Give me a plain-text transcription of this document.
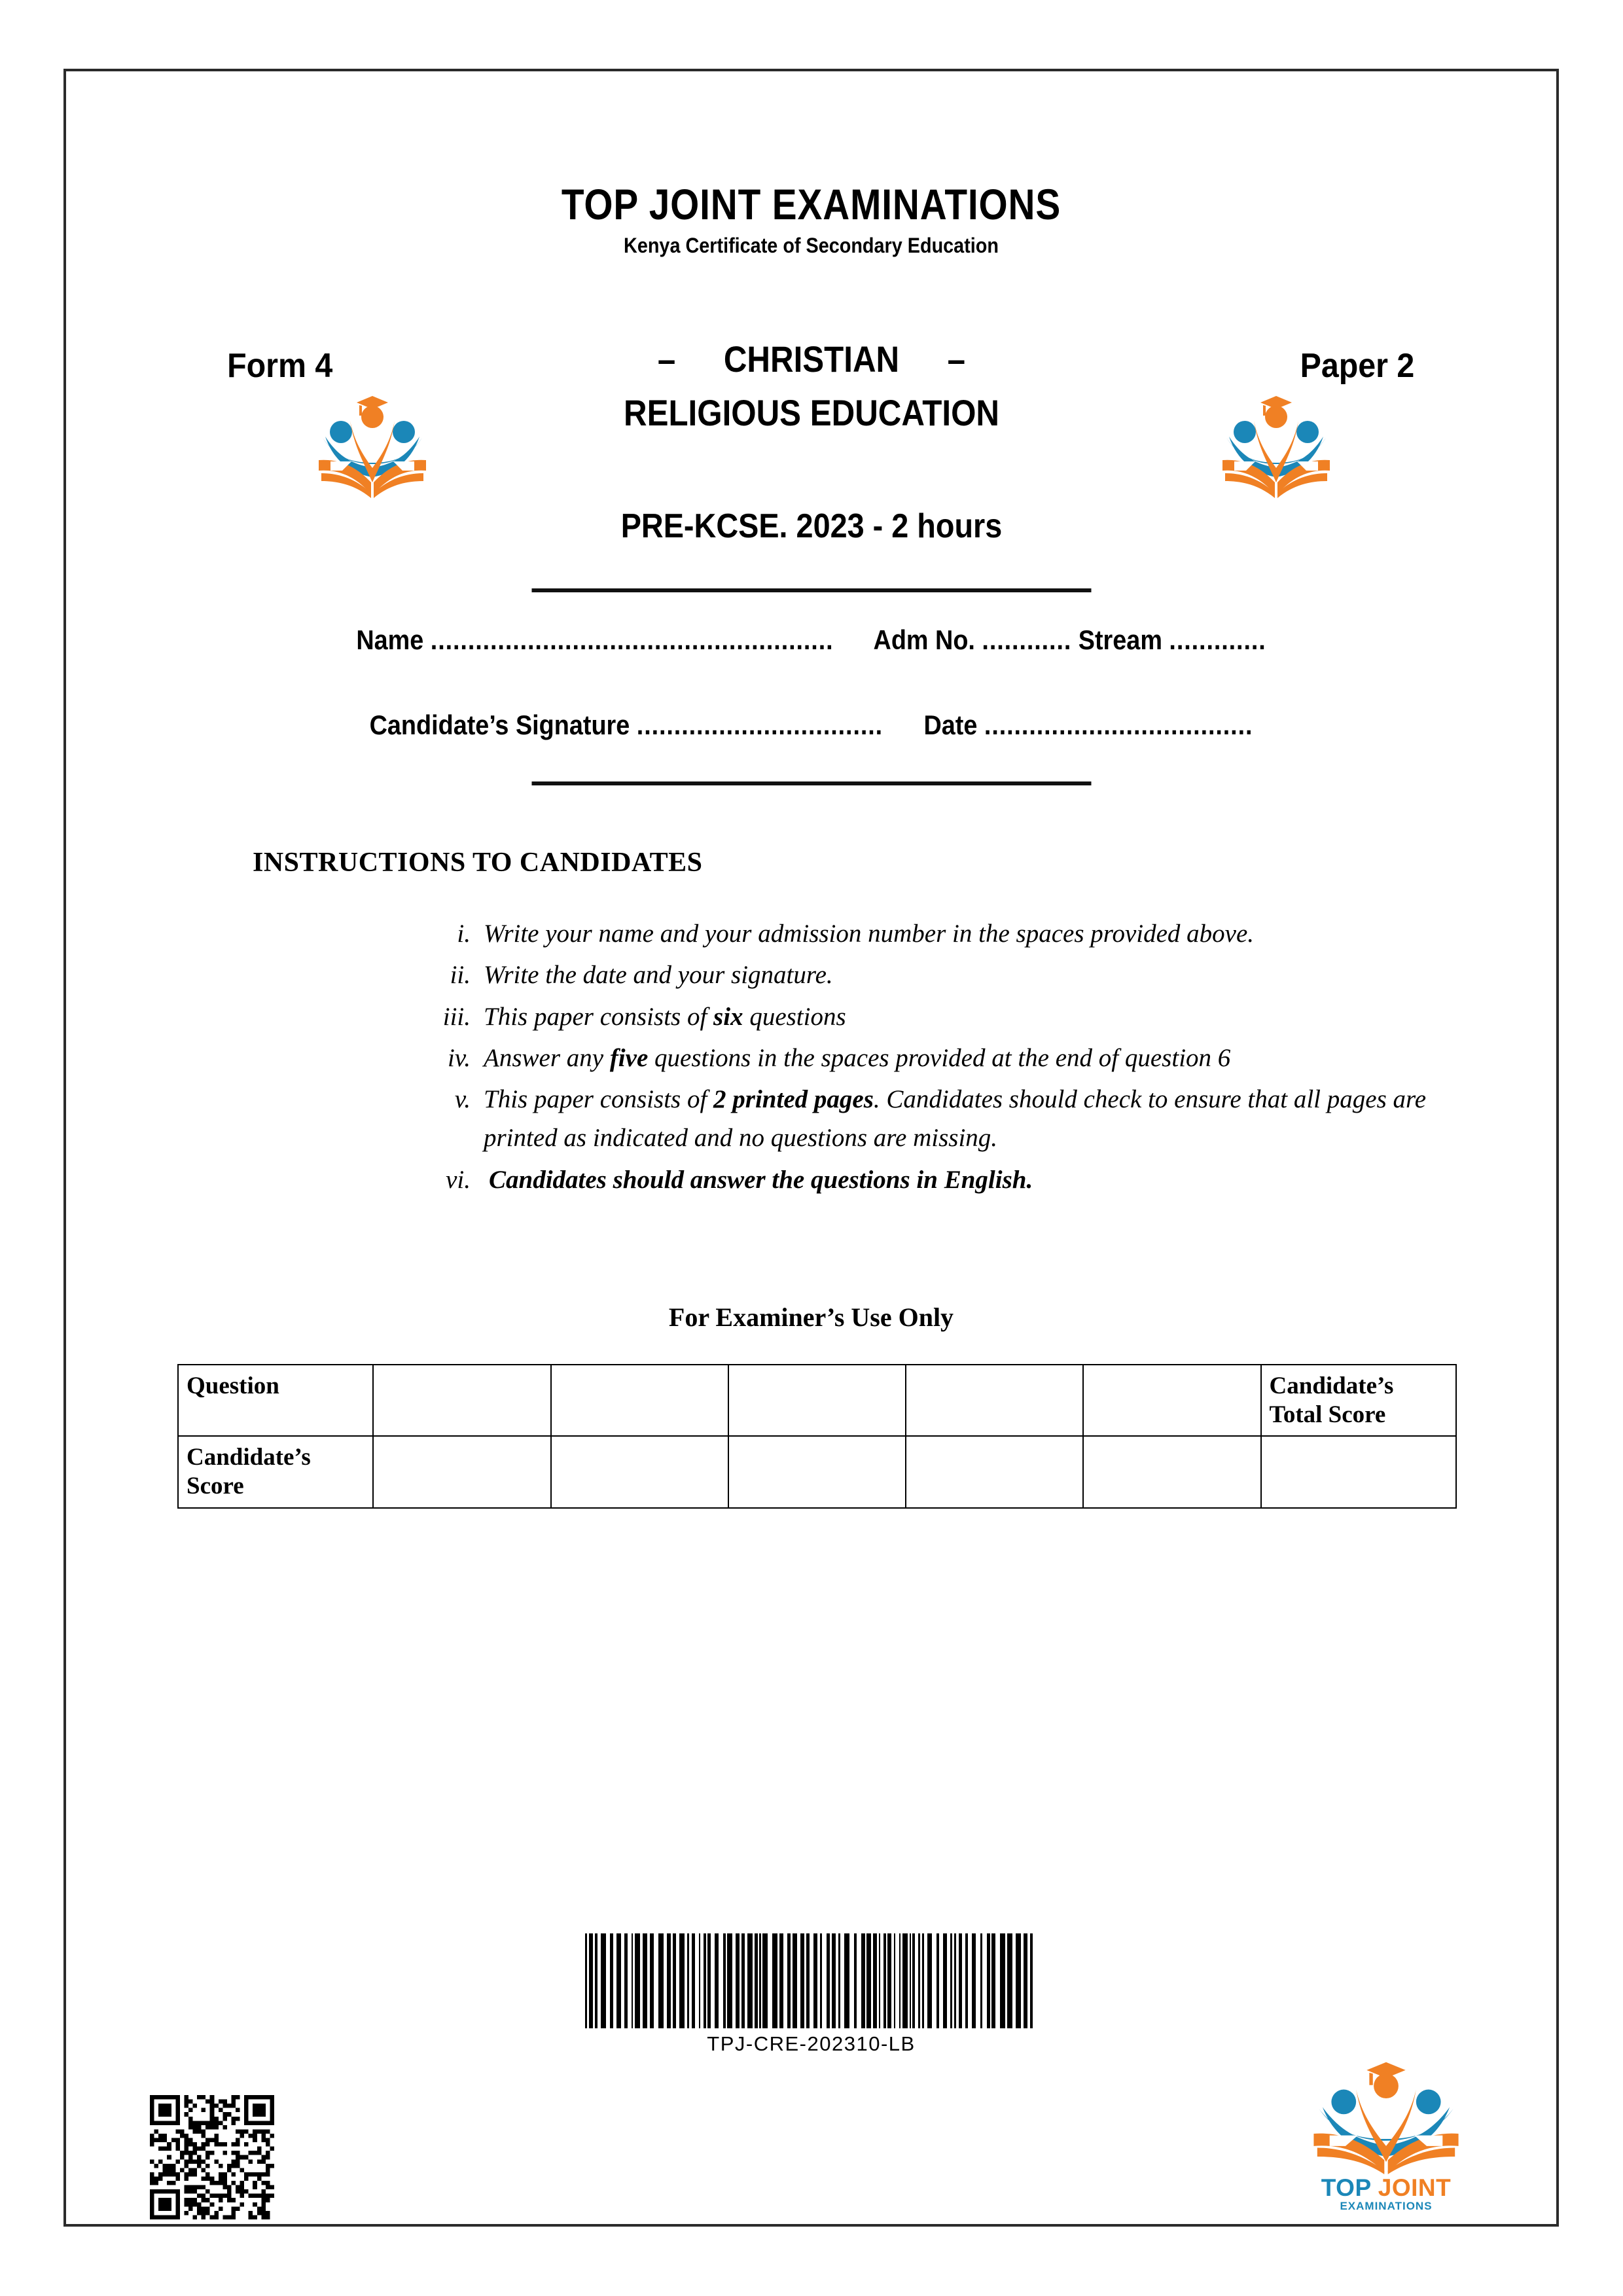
TOP JOINT EXAMINATIONS
Kenya Certificate of Secondary Education
Form 4	Paper 2
– CHRISTIAN –
RELIGIOUS EDUCATION
PRE-KCSE. 2023 - 2 hours
Name ...................................................... Adm No. ............ Stream .............
Candidate’s Signature ................................. Date ....................................
INSTRUCTIONS TO CANDIDATES
i. Write your name and your admission number in the spaces provided above.
ii. Write the date and your signature.
iii. This paper consists of six questions
iv. Answer any five questions in the spaces provided at the end of question 6
v. This paper consists of 2 printed pages. Candidates should check to ensure that all pages are printed as indicated and no questions are missing.
vi. Candidates should answer the questions in English.
For Examiner’s Use Only
Question						Candidate’s Total Score
Candidate’s Score						
TPJ-CRE-202310-LB
TOP JOINT
EXAMINATIONS
